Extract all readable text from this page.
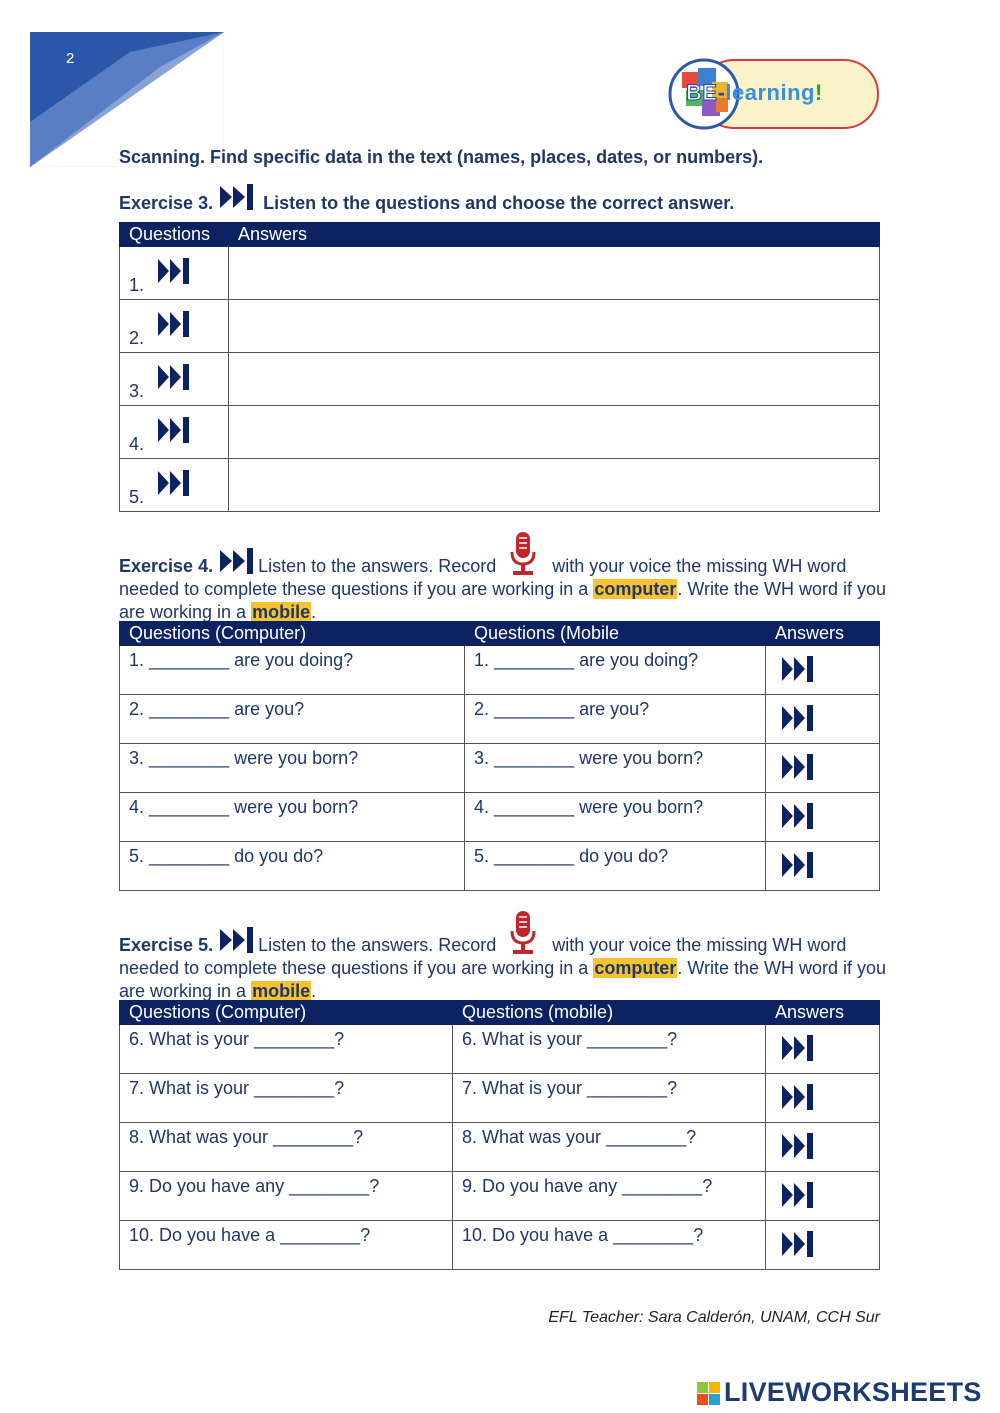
2
BE-learning!
Scanning. Find specific data in the text (names, places, dates, or numbers).
Exercise 3.	Listen to the questions and choose the correct answer.
Questions	Answers

1.	

2.	

3.	

4.	

5.	

Exercise 4.	Listen to the answers. Record	with your voice the missing WH word needed to complete these questions if you are working in a computer. Write the WH word if you are working in a mobile.
Questions (Computer)	Questions (Mobile	Answers
1. ________ are you doing?	1. ________ are you doing?	
2. ________ are you?	2. ________ are you?	
3. ________ were you born?	3. ________ were you born?	
4. ________ were you born?	4. ________ were you born?	
5. ________ do you do?	5. ________ do you do?	
Exercise 5.	Listen to the answers. Record	with your voice the missing WH word needed to complete these questions if you are working in a computer. Write the WH word if you are working in a mobile.
Questions (Computer)	Questions (mobile)	Answers
6. What is your ________?	6. What is your ________?	
7. What is your ________?	7. What is your ________?	
8. What was your ________?	8. What was your ________?	
9. Do you have any ________?	9. Do you have any ________?	
10. Do you have a ________?	10. Do you have a ________?	
EFL Teacher: Sara Calderón, UNAM, CCH Sur
LIVEWORKSHEETS
